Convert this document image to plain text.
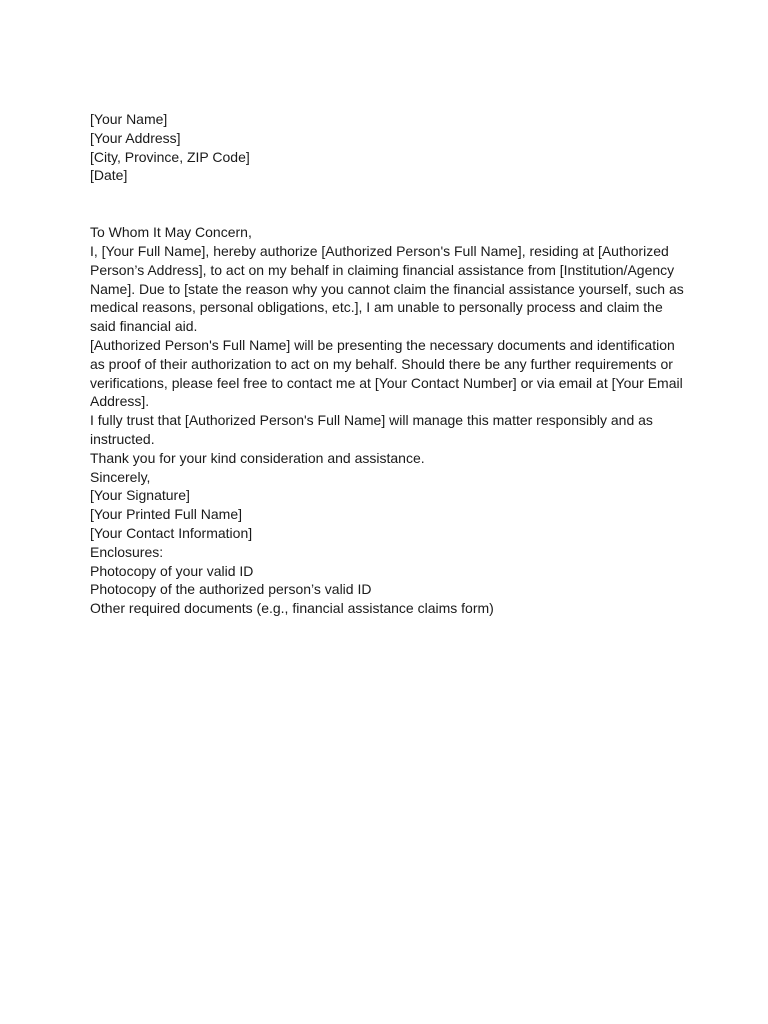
[Your Name]

[Your Address]

[City, Province, ZIP Code]

[Date]

To Whom It May Concern,

I, [Your Full Name], hereby authorize [Authorized Person's Full Name], residing at [Authorized

Person’s Address], to act on my behalf in claiming financial assistance from [Institution/Agency

Name]. Due to [state the reason why you cannot claim the financial assistance yourself, such as

medical reasons, personal obligations, etc.], I am unable to personally process and claim the

said financial aid.

[Authorized Person's Full Name] will be presenting the necessary documents and identification

as proof of their authorization to act on my behalf. Should there be any further requirements or

verifications, please feel free to contact me at [Your Contact Number] or via email at [Your Email

Address].

I fully trust that [Authorized Person's Full Name] will manage this matter responsibly and as

instructed.

Thank you for your kind consideration and assistance.

Sincerely,

[Your Signature]

[Your Printed Full Name]

[Your Contact Information]

Enclosures:

Photocopy of your valid ID

Photocopy of the authorized person’s valid ID

Other required documents (e.g., financial assistance claims form)
